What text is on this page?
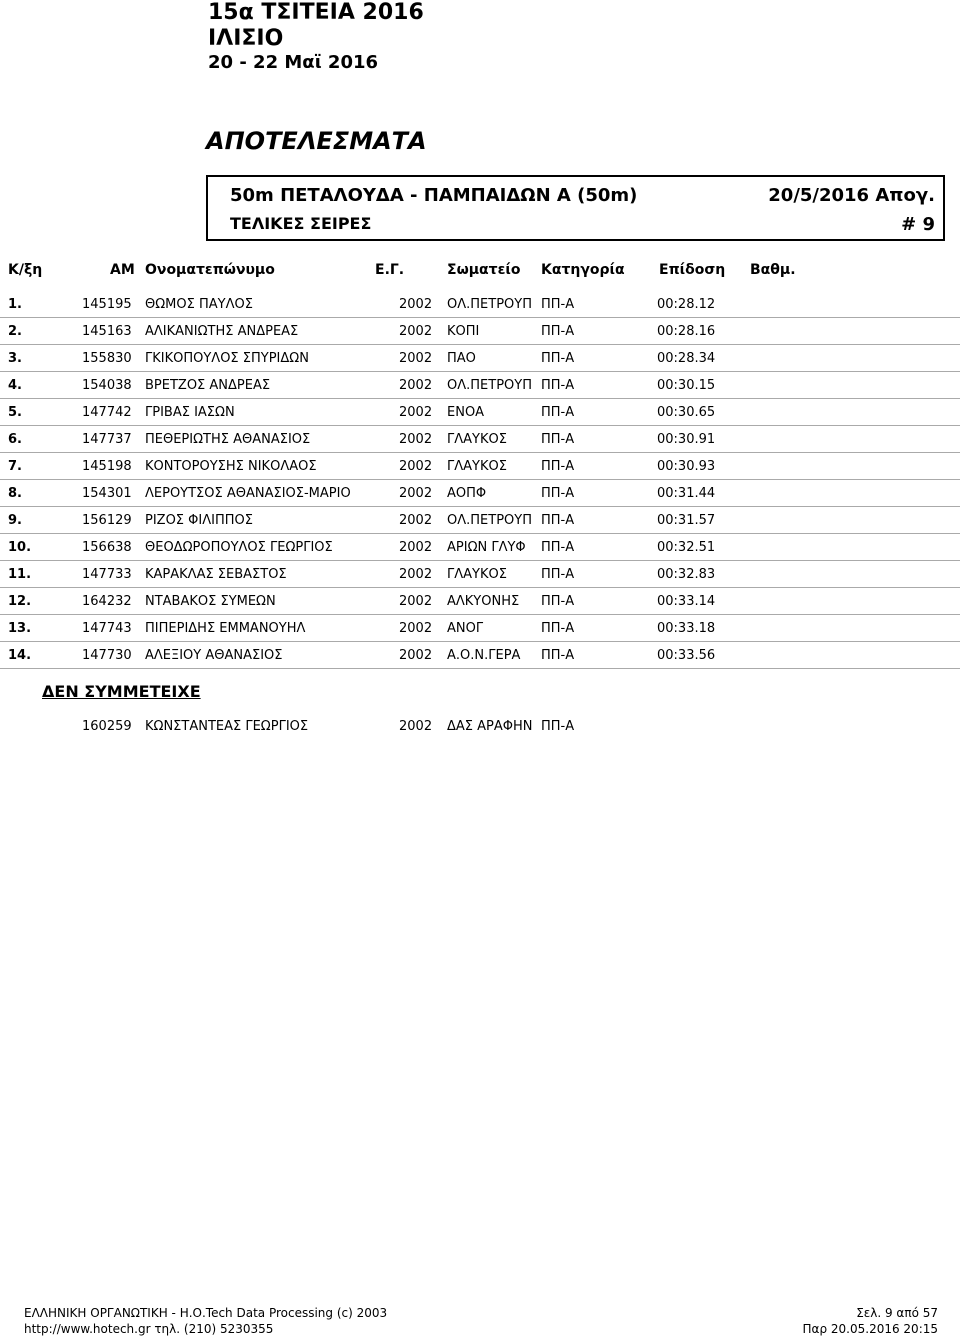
15α ΤΣΙΤΕΙΑ 2016
ΙΛΙΣΙΟ
20 - 22 Μαϊ 2016
ΑΠΟΤΕΛΕΣΜΑΤΑ
50m ΠΕΤΑΛΟΥΔΑ - ΠΑΜΠΑΙΔΩΝ Α (50m)	20/5/2016 Απογ.
ΤΕΛΙΚΕΣ ΣΕΙΡΕΣ	# 9
Κ/ξη	ΑΜ Ονοματεπώνυμο	Ε.Γ.	Σωματείο Κατηγορία Επίδοση Βαθμ.
1.	145195 ΘΩΜΟΣ ΠΑΥΛΟΣ	2002 ΟΛ.ΠΕΤΡΟΥΠ ΠΠ-Α	00:28.12
2.	145163 ΑΛΙΚΑΝΙΩΤΗΣ ΑΝΔΡΕΑΣ	2002 ΚΟΠΙ	ΠΠ-Α	00:28.16
3.	155830 ΓΚΙΚΟΠΟΥΛΟΣ ΣΠΥΡΙΔΩΝ	2002 ΠΑΟ	ΠΠ-Α	00:28.34
4.	154038 ΒΡΕΤΖΟΣ ΑΝΔΡΕΑΣ	2002 ΟΛ.ΠΕΤΡΟΥΠ ΠΠ-Α	00:30.15
5.	147742 ΓΡΙΒΑΣ ΙΑΣΩΝ	2002 ΕΝΟΑ	ΠΠ-Α	00:30.65
6.	147737 ΠΕΘΕΡΙΩΤΗΣ ΑΘΑΝΑΣΙΟΣ	2002 ΓΛΑΥΚΟΣ	ΠΠ-Α	00:30.91
7.	145198 ΚΟΝΤΟΡΟΥΣΗΣ ΝΙΚΟΛΑΟΣ	2002 ΓΛΑΥΚΟΣ	ΠΠ-Α	00:30.93
8.	154301 ΛΕΡΟΥΤΣΟΣ ΑΘΑΝΑΣΙΟΣ-ΜΑΡΙΟ	2002 ΑΟΠΦ	ΠΠ-Α	00:31.44
9.	156129 ΡΙΖΟΣ ΦΙΛΙΠΠΟΣ	2002 ΟΛ.ΠΕΤΡΟΥΠ ΠΠ-Α	00:31.57
10.	156638 ΘΕΟΔΩΡΟΠΟΥΛΟΣ ΓΕΩΡΓΙΟΣ	2002 ΑΡΙΩΝ ΓΛΥΦ	ΠΠ-Α	00:32.51
11.	147733 ΚΑΡΑΚΛΑΣ ΣΕΒΑΣΤΟΣ	2002 ΓΛΑΥΚΟΣ	ΠΠ-Α	00:32.83
12.	164232 ΝΤΑΒΑΚΟΣ ΣΥΜΕΩΝ	2002 ΑΛΚΥΟΝΗΣ	ΠΠ-Α	00:33.14
13.	147743 ΠΙΠΕΡΙΔΗΣ ΕΜΜΑΝΟΥΗΛ	2002 ΑΝΟΓ	ΠΠ-Α	00:33.18
14.	147730 ΑΛΕΞΙΟΥ ΑΘΑΝΑΣΙΟΣ	2002 Α.Ο.Ν.ΓΕΡΑ	ΠΠ-Α	00:33.56
ΔΕΝ ΣΥΜΜΕΤΕΙΧΕ
160259 ΚΩΝΣΤΑΝΤΕΑΣ ΓΕΩΡΓΙΟΣ	2002 ΔΑΣ ΑΡΑΦΗΝ ΠΠ-Α
ΕΛΛΗΝΙΚΗ ΟΡΓΑΝΩΤΙΚΗ - Η.Ο.Tech Data Processing (c) 2003
http://www.hotech.gr τηλ. (210) 5230355
Σελ. 9 από 57
Παρ 20.05.2016 20:15
